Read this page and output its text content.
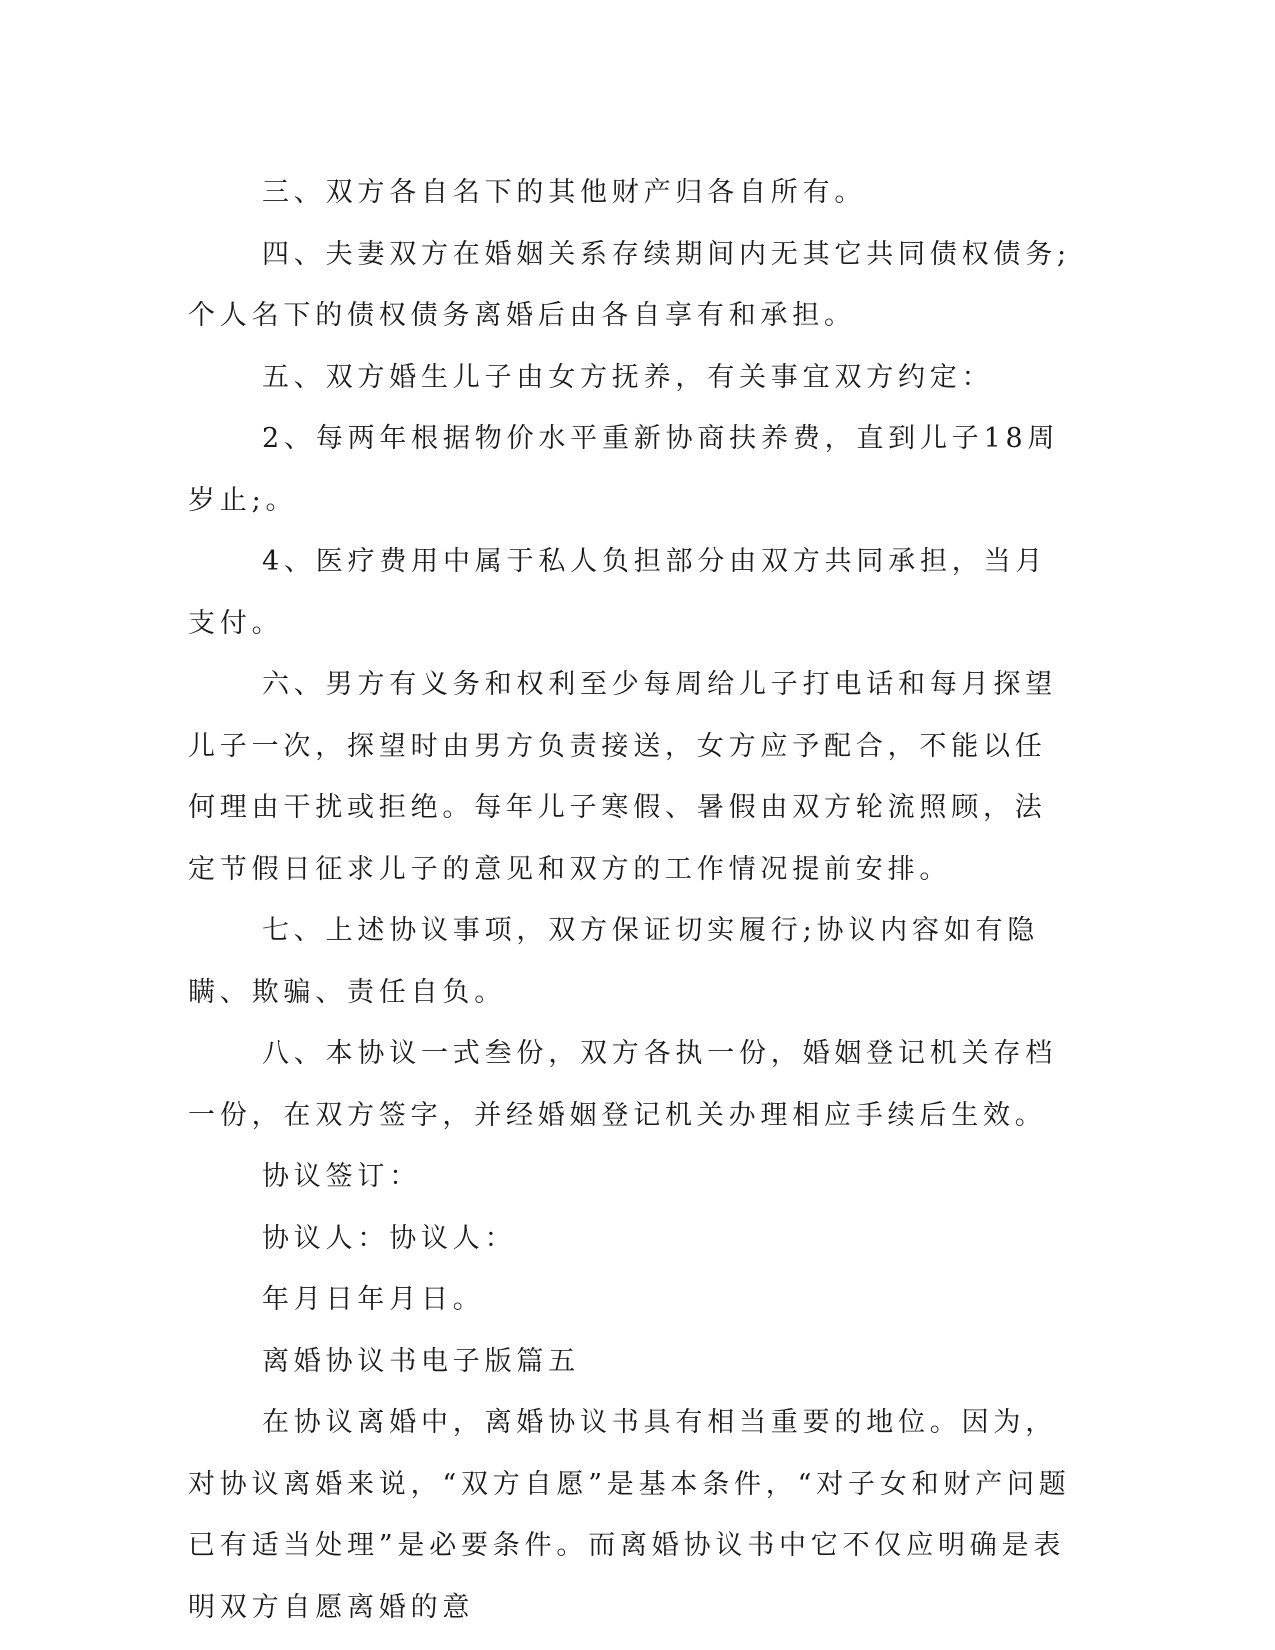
三、双方各自名下的其他财产归各自所有。

四、夫妻双方在婚姻关系存续期间内无其它共同债权债务;个人名下的债权债务离婚后由各自享有和承担。

五、双方婚生儿子由女方抚养，有关事宜双方约定：

2、每两年根据物价水平重新协商扶养费，直到儿子18周岁止;。

4、医疗费用中属于私人负担部分由双方共同承担，当月支付。

六、男方有义务和权利至少每周给儿子打电话和每月探望儿子一次，探望时由男方负责接送，女方应予配合，不能以任何理由干扰或拒绝。每年儿子寒假、暑假由双方轮流照顾，法定节假日征求儿子的意见和双方的工作情况提前安排。

七、上述协议事项，双方保证切实履行;协议内容如有隐瞒、欺骗、责任自负。

八、本协议一式叁份，双方各执一份，婚姻登记机关存档一份，在双方签字，并经婚姻登记机关办理相应手续后生效。

协议签订：

协议人：协议人：

年月日年月日。

离婚协议书电子版篇五

在协议离婚中，离婚协议书具有相当重要的地位。因为，对协议离婚来说，“双方自愿”是基本条件，“对子女和财产问题已有适当处理”是必要条件。而离婚协议书中它不仅应明确是表明双方自愿离婚的意
